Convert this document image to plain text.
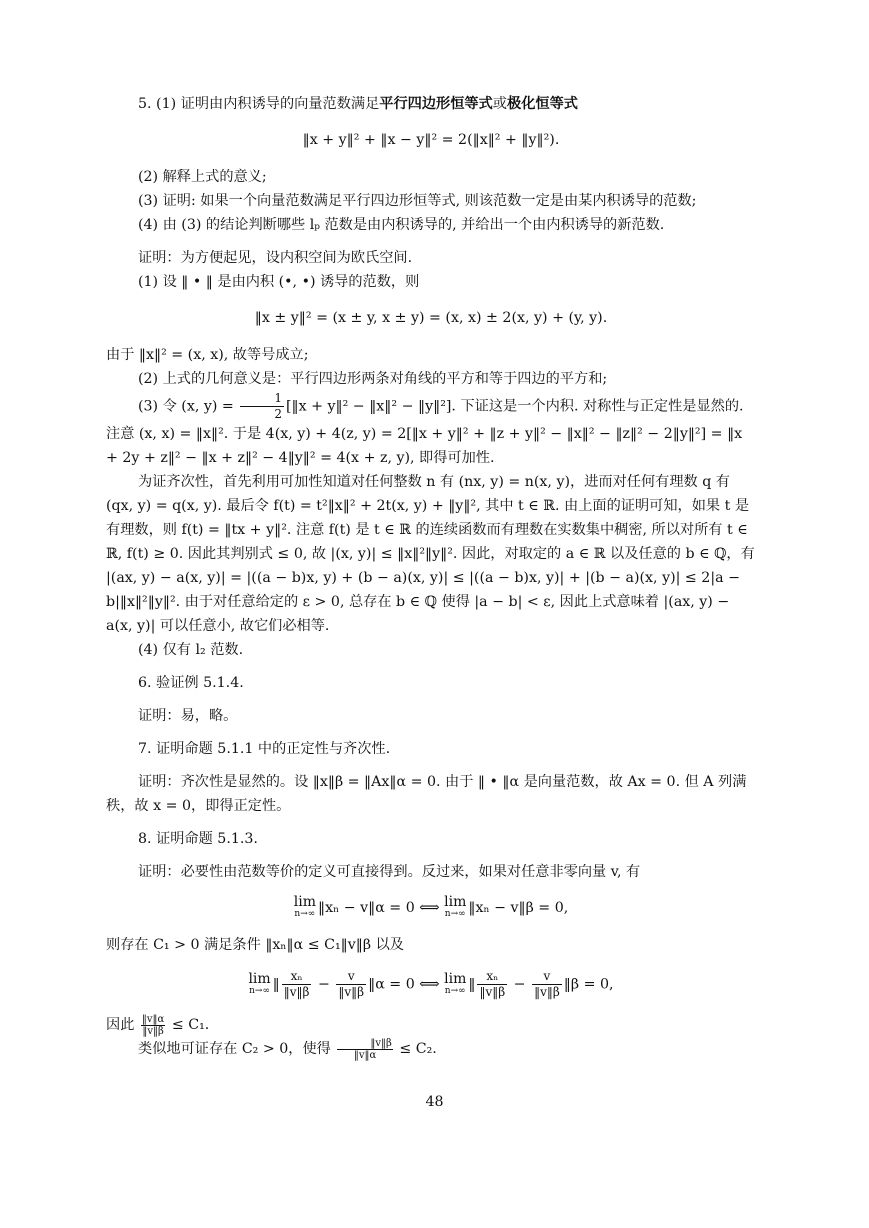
5. (1) 证明由内积诱导的向量范数满足平行四边形恒等式或极化恒等式

‖x + y‖² + ‖x − y‖² = 2(‖x‖² + ‖y‖²).

(2) 解释上式的意义;

(3) 证明: 如果一个向量范数满足平行四边形恒等式, 则该范数一定是由某内积诱导的范数;

(4) 由 (3) 的结论判断哪些 lₚ 范数是由内积诱导的, 并给出一个由内积诱导的新范数.

证明：为方便起见，设内积空间为欧氏空间.

(1) 设 ‖ • ‖ 是由内积 (•, •) 诱导的范数，则

‖x ± y‖² = (x ± y, x ± y) = (x, x) ± 2(x, y) + (y, y).

由于 ‖x‖² = (x, x), 故等号成立;

(2) 上式的几何意义是：平行四边形两条对角线的平方和等于四边的平方和;

(3) 令 (x, $y) = \frac{1}{2}$ [‖x + y‖² − ‖x‖² − ‖y‖²]. 下证这是一个内积. 对称性与正定性是显然的. 注意 (x, x) = ‖x‖². 于是 4(x, y) + 4(z, y) = 2[‖x + y‖² + ‖z + y‖² − ‖x‖² − ‖z‖² − 2‖y‖²] = ‖x + 2y + z‖² − ‖x + z‖² − 4‖y‖² = 4(x + z, y), 即得可加性.

为证齐次性，首先利用可加性知道对任何整数 n 有 (nx, y) = n(x, y)，进而对任何有理数 q 有 (qx, y) = q(x, y). 最后令 f(t) = t²‖x‖² + 2t(x, y) + ‖y‖², 其中 t ∈ ℝ. 由上面的证明可知，如果 t 是有理数，则 f(t) = ‖tx + y‖². 注意 f(t) 是 t ∈ ℝ 的连续函数而有理数在实数集中稠密, 所以对所有 t ∈ ℝ, f(t) ≥ 0. 因此其判别式 ≤ 0, 故 |(x, y)| ≤ ‖x‖²‖y‖². 因此，对取定的 a ∈ ℝ 以及任意的 b ∈ ℚ，有 |(ax, y) − a(x, y)| = |((a − b)x, y) + (b − a)(x, y)| ≤ |((a − b)x, y)| + |(b − a)(x, y)| ≤ 2|a − b|‖x‖²‖y‖². 由于对任意给定的 ε > 0, 总存在 b ∈ ℚ 使得 |a − b| < ε, 因此上式意味着 |(ax, y) − a(x, y)| 可以任意小, 故它们必相等.

(4) 仅有 l₂ 范数.

6. 验证例 5.1.4.

证明：易，略。

7. 证明命题 5.1.1 中的正定性与齐次性.

证明：齐次性是显然的。设 ‖x‖β = ‖Ax‖α = 0. 由于 ‖ • ‖α 是向量范数，故 Ax = 0. 但 A 列满秩，故 x = 0，即得正定性。

8. 证明命题 5.1.3.

证明：必要性由范数等价的定义可直接得到。反过来，如果对任意非零向量 v, 有

lim
n→∞ ‖xₙ − v‖α = 0 ⟺ lim
n→∞ ‖xₙ − v‖β = 0,

则存在 C₁ > 0 满足条件 ‖xₙ‖α ≤ C₁‖v‖β 以及

lim
n→∞ ‖ $\frac{\text{xₙ}}{‖v‖\beta} - \frac{v}{‖v‖\beta}$ ‖α = 0 ⟺ lim
n→∞ ‖ $\frac{\text{xₙ}}{‖v‖\beta} - \frac{v}{‖v‖\beta}$ ‖β = 0,

因此 $\frac{‖v‖\alpha}{‖v‖\beta} \le C_1$.

类似地可证存在 C₂ > 0，使得 $\frac{‖v‖\beta}{‖v‖\alpha} \le C_2$.

48
